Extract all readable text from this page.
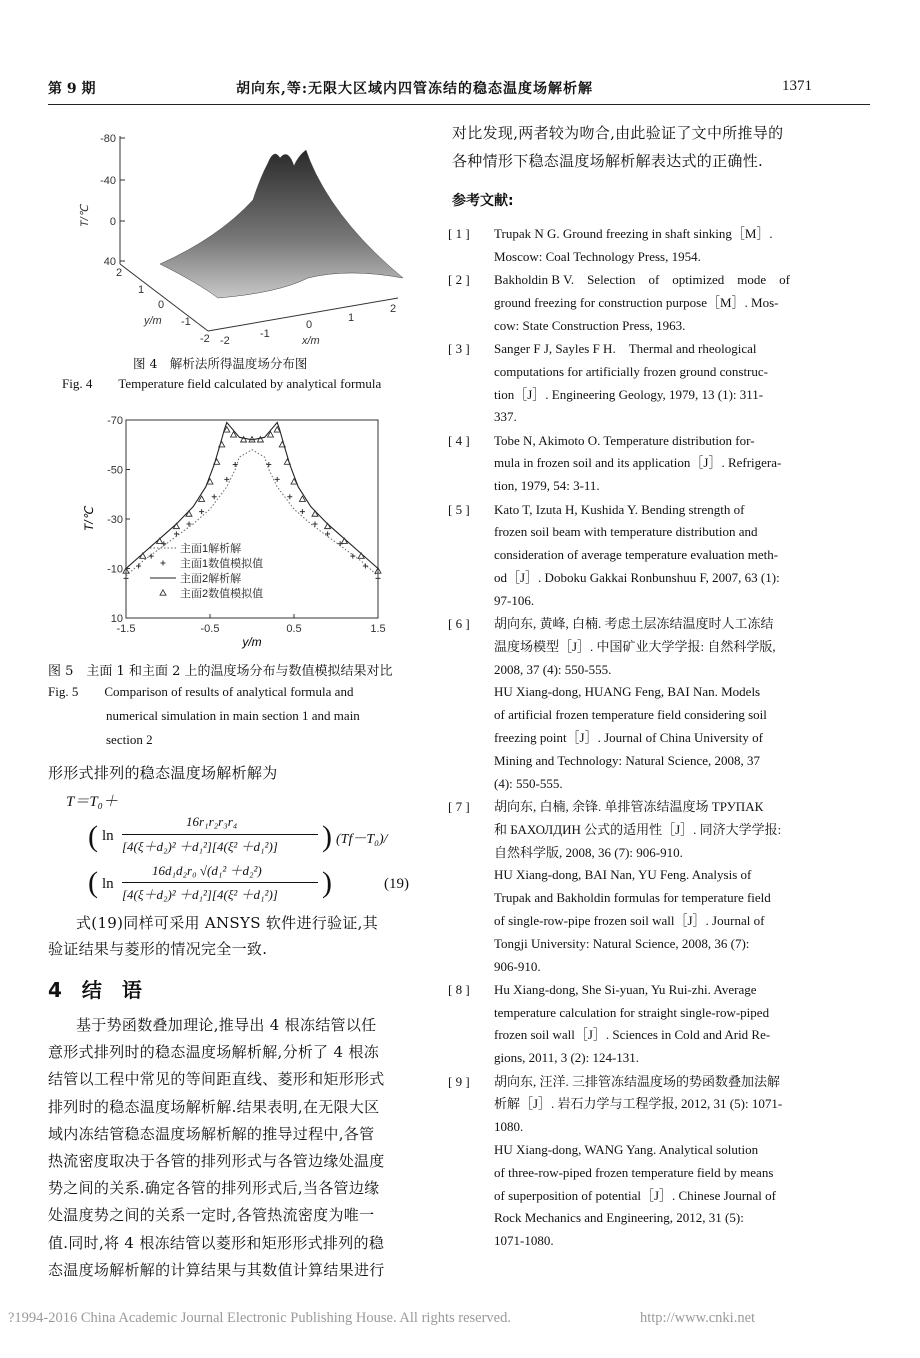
第 9 期	胡向东,等:无限大区域内四管冻结的稳态温度场解析解	1371
-80
-40
0
40
T/℃
2
1
0
-1
-2
y/m
-2
-1
0
1
2
x/m
图 4　解析法所得温度场分布图
Fig. 4　　Temperature field calculated by analytical formula
-1.5	-0.5	0.5	1.5
-70
-50
-30
-10
10
主面1解析解
主面1数值模拟值
主面2解析解
主面2数值模拟值
T/℃
y/m
图 5　主面 1 和主面 2 上的温度场分布与数值模拟结果对比
Fig. 5　　Comparison of results of analytical formula and
numerical simulation in main section 1 and main
section 2
形形式排列的稳态温度场解析解为
T＝T₀＋
( ln
16r₁r₂r₃r₄
[4(ξ＋d₂)² ＋d₁²][4(ξ² ＋d₁²)] ) (Tf－T₀)/
( ln
16d₁d₂r₀ √(d₁² ＋d₂²)
[4(ξ＋d₂)² ＋d₁²][4(ξ² ＋d₁²)] )	(19)
式(19)同样可采用 ANSYS 软件进行验证,其
验证结果与菱形的情况完全一致.
4　结　语
基于势函数叠加理论,推导出 4 根冻结管以任
意形式排列时的稳态温度场解析解,分析了 4 根冻
结管以工程中常见的等间距直线、菱形和矩形形式
排列时的稳态温度场解析解.结果表明,在无限大区
域内冻结管稳态温度场解析解的推导过程中,各管
热流密度取决于各管的排列形式与各管边缘处温度
势之间的关系.确定各管的排列形式后,当各管边缘
处温度势之间的关系一定时,各管热流密度为唯一
值.同时,将 4 根冻结管以菱形和矩形形式排列的稳
态温度场解析解的计算结果与其数值计算结果进行
对比发现,两者较为吻合,由此验证了文中所推导的
各种情形下稳态温度场解析解表达式的正确性.
参考文献:
[ 1 ]	Trupak N G. Ground freezing in shaft sinking［M］.
Moscow: Coal Technology Press, 1954.
[ 2 ]	Bakholdin B V.　Selection　of　optimized　mode　of
ground freezing for construction purpose［M］. Mos-
cow: State Construction Press, 1963.
[ 3 ]	Sanger F J, Sayles F H.　Thermal and rheological
computations for artificially frozen ground construc-
tion［J］. Engineering Geology, 1979, 13 (1): 311-
337.
[ 4 ]	Tobe N, Akimoto O. Temperature distribution for-
mula in frozen soil and its application［J］. Refrigera-
tion, 1979, 54: 3-11.
[ 5 ]	Kato T, Izuta H, Kushida Y. Bending strength of
frozen soil beam with temperature distribution and
consideration of average temperature evaluation meth-
od［J］. Doboku Gakkai Ronbunshuu F, 2007, 63 (1):
97-106.
[ 6 ]	胡向东, 黄峰, 白楠. 考虑土层冻结温度时人工冻结
温度场模型［J］. 中国矿业大学学报: 自然科学版,
2008, 37 (4): 550-555.
HU Xiang-dong, HUANG Feng, BAI Nan. Models
of artificial frozen temperature field considering soil
freezing point［J］. Journal of China University of
Mining and Technology: Natural Science, 2008, 37
(4): 550-555.
[ 7 ]	胡向东, 白楠, 余锋. 单排管冻结温度场 ТРУПАК
和 БАХОЛДИН 公式的适用性［J］. 同济大学学报:
自然科学版, 2008, 36 (7): 906-910.
HU Xiang-dong, BAI Nan, YU Feng. Analysis of
Trupak and Bakholdin formulas for temperature field
of single-row-pipe frozen soil wall［J］. Journal of
Tongji University: Natural Science, 2008, 36 (7):
906-910.
[ 8 ]	Hu Xiang-dong, She Si-yuan, Yu Rui-zhi. Average
temperature calculation for straight single-row-piped
frozen soil wall［J］. Sciences in Cold and Arid Re-
gions, 2011, 3 (2): 124-131.
[ 9 ]	胡向东, 汪洋. 三排管冻结温度场的势函数叠加法解
析解［J］. 岩石力学与工程学报, 2012, 31 (5): 1071-
1080.
HU Xiang-dong, WANG Yang. Analytical solution
of three-row-piped frozen temperature field by means
of superposition of potential［J］. Chinese Journal of
Rock Mechanics and Engineering, 2012, 31 (5):
1071-1080.
?1994-2016 China Academic Journal Electronic Publishing House. All rights reserved.	http://www.cnki.net
